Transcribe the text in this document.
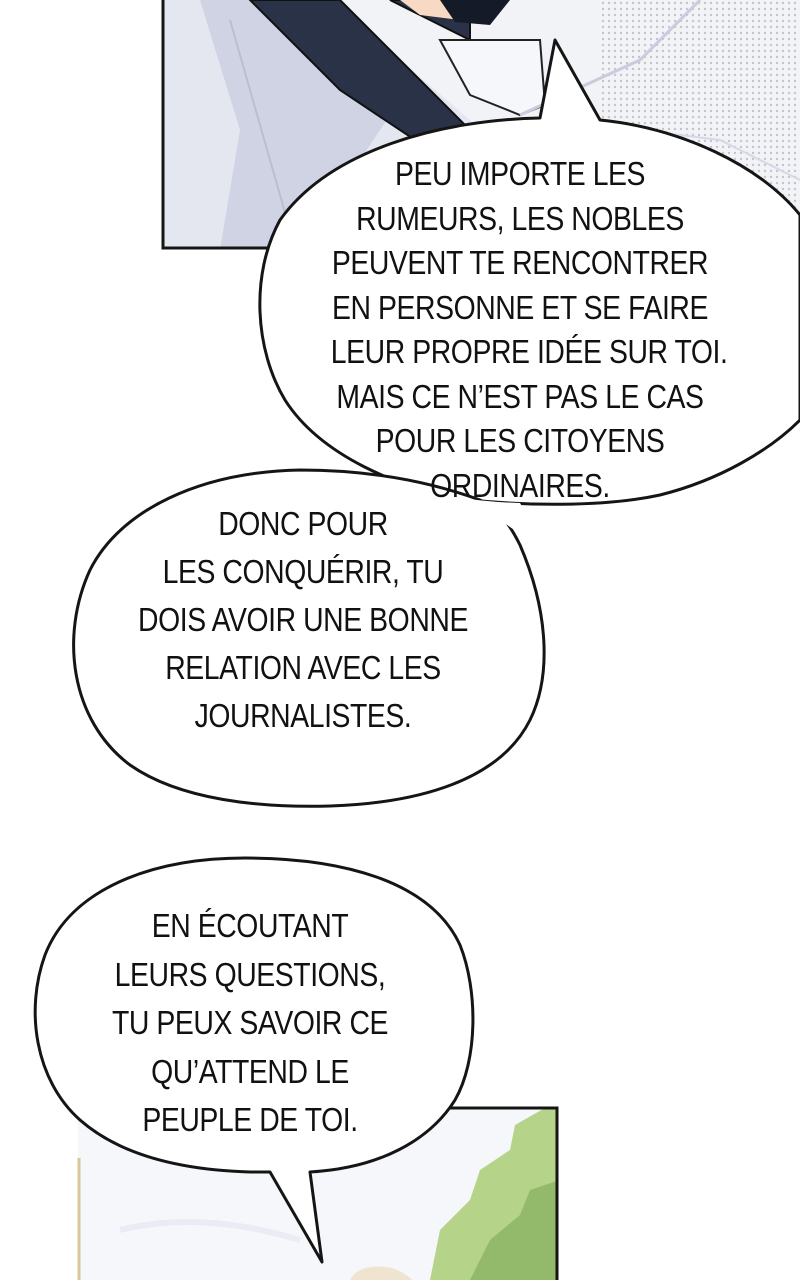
PEU IMPORTE LES
RUMEURS, LES NOBLES
PEUVENT TE RENCONTRER
EN PERSONNE ET SE FAIRE
LEUR PROPRE IDÉE SUR TOI.
MAIS CE N’EST PAS LE CAS
POUR LES CITOYENS
ORDINAIRES.
DONC POUR
LES CONQUÉRIR, TU
DOIS AVOIR UNE BONNE
RELATION AVEC LES
JOURNALISTES.
EN ÉCOUTANT
LEURS QUESTIONS,
TU PEUX SAVOIR CE
QU’ATTEND LE
PEUPLE DE TOI.
